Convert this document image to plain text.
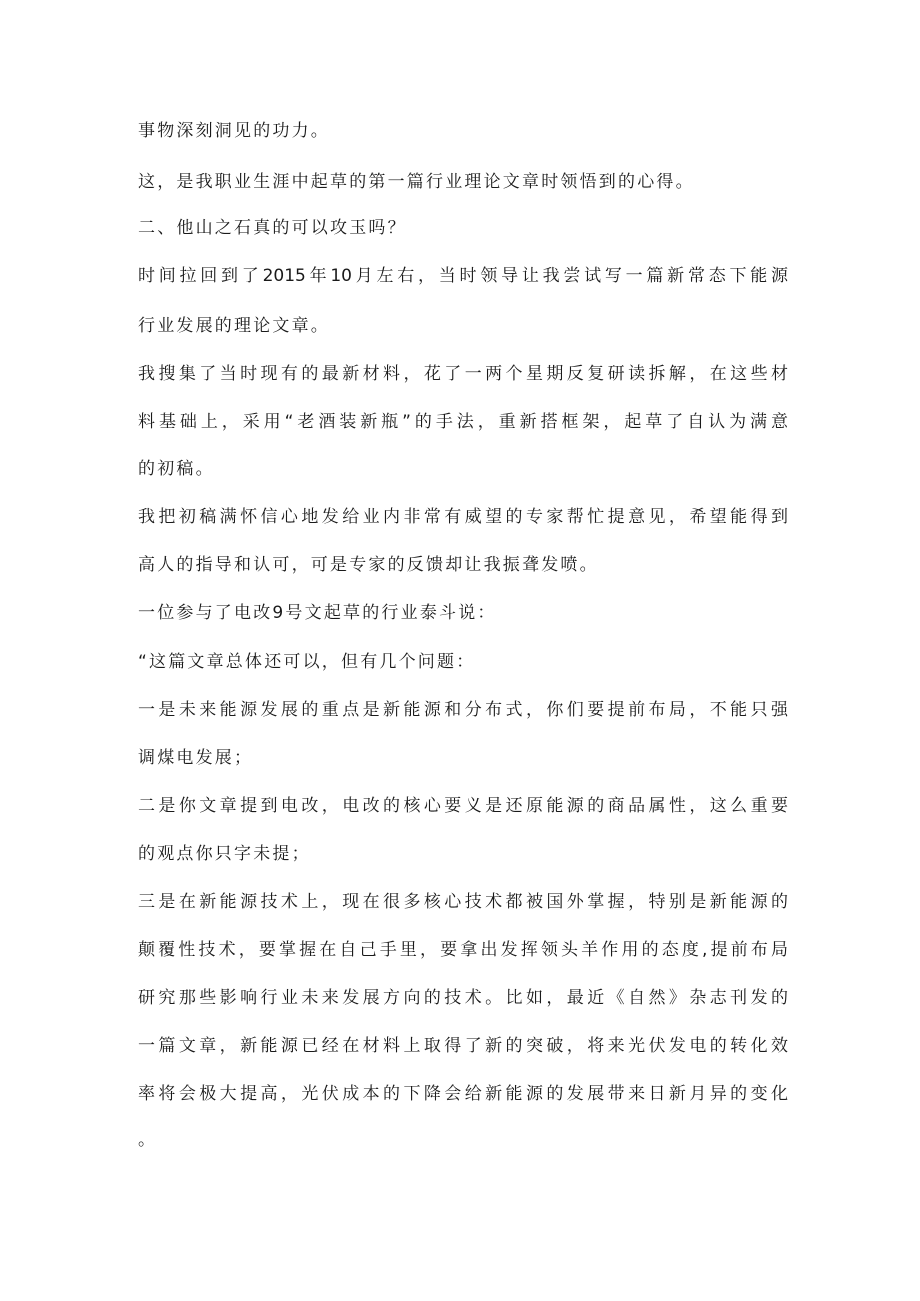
事物深刻洞见的功力。
这，是我职业生涯中起草的第一篇行业理论文章时领悟到的心得。
二、他山之石真的可以攻玉吗？
时间拉回到了2015年10月左右，当时领导让我尝试写一篇新常态下能源
行业发展的理论文章。
我搜集了当时现有的最新材料，花了一两个星期反复研读拆解，在这些材
料基础上，采用“老酒装新瓶”的手法，重新搭框架，起草了自认为满意
的初稿。
我把初稿满怀信心地发给业内非常有威望的专家帮忙提意见，希望能得到
高人的指导和认可，可是专家的反馈却让我振聋发喷。
一位参与了电改9号文起草的行业泰斗说：
“这篇文章总体还可以，但有几个问题：
一是未来能源发展的重点是新能源和分布式，你们要提前布局，不能只强
调煤电发展；
二是你文章提到电改，电改的核心要义是还原能源的商品属性，这么重要
的观点你只字未提；
三是在新能源技术上，现在很多核心技术都被国外掌握，特别是新能源的
颠覆性技术，要掌握在自己手里，要拿出发挥领头羊作用的态度,提前布局
研究那些影响行业未来发展方向的技术。比如，最近《自然》杂志刊发的
一篇文章，新能源已经在材料上取得了新的突破，将来光伏发电的转化效
率将会极大提高，光伏成本的下降会给新能源的发展带来日新月异的变化
。
